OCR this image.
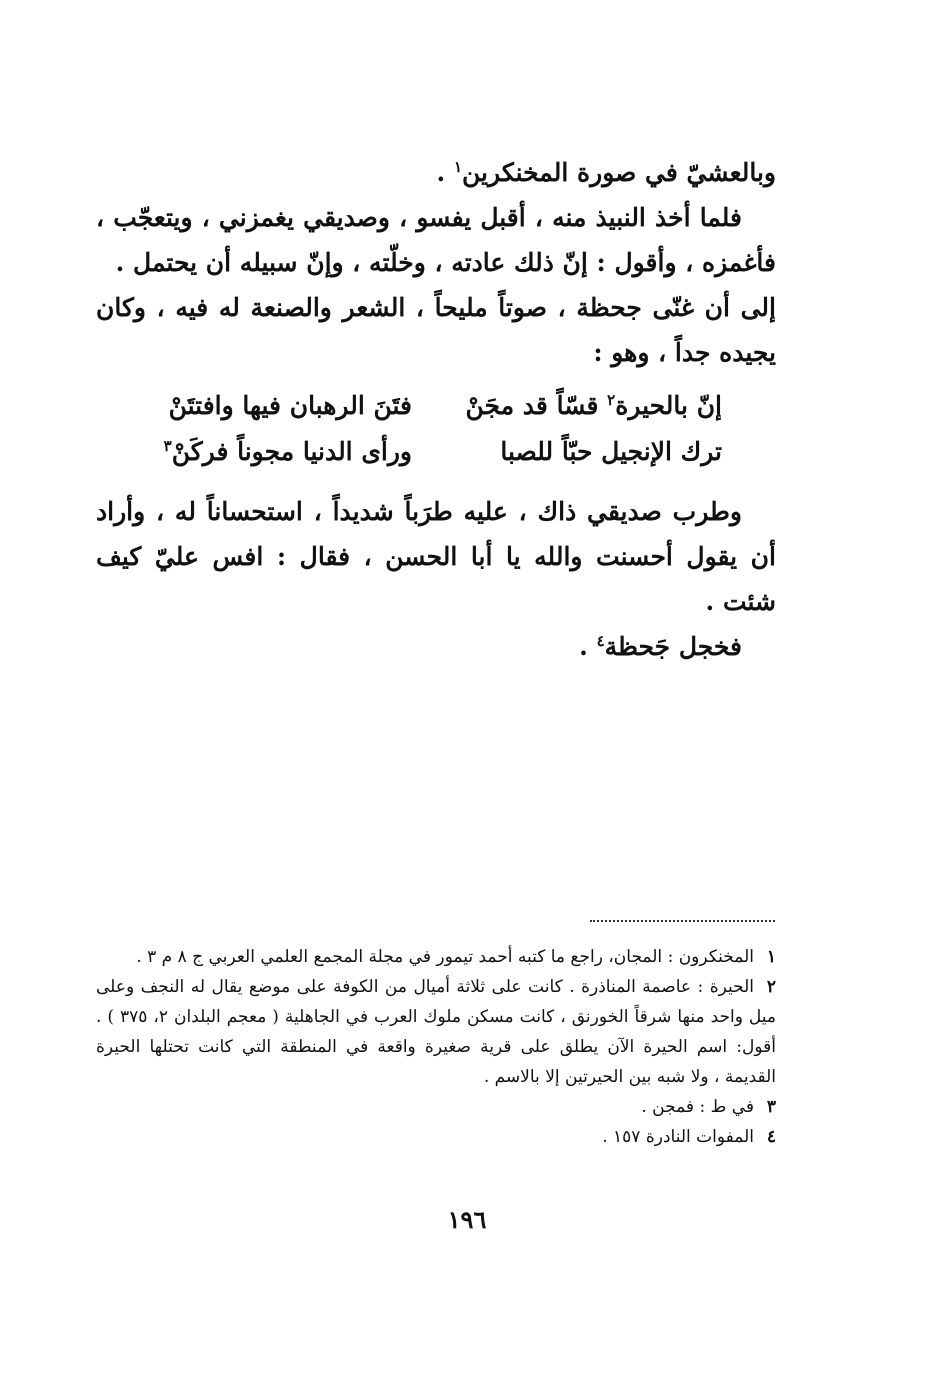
وبالعشيّ في صورة المخنكرين$^١$ .

فلما أخذ النبيذ منه ، أقبل يفسو ، وصديقي يغمزني ، ويتعجّب ، فأغمزه ، وأقول : إنّ ذلك عادته ، وخلّته ، وإنّ سبيله أن يحتمل .

إلى أن غنّى جحظة ، صوتاً مليحاً ، الشعر والصنعة له فيه ، وكان يجيده جداً ، وهو :

إنّ بالحيرة$^٢$ قسّاً قد مجَنْ
فتَنَ الرهبان فيها وافتتَنْ
ترك الإنجيل حبّاً للصبا
ورأى الدنيا مجوناً فركَنْ$^٣$

وطرب صديقي ذاك ، عليه طرَباً شديداً ، استحساناً له ، وأراد أن يقول أحسنت والله يا أبا الحسن ، فقال : افس عليّ كيف شئت .

فخجل جَحظة$^٤$ .

١المخنكرون : المجان، راجع ما كتبه أحمد تيمور في مجلة المجمع العلمي العربي ج ٨ م ٣ .

٢الحيرة : عاصمة المناذرة . كانت على ثلاثة أميال من الكوفة على موضع يقال له النجف وعلى ميل واحد منها شرقاً الخورنق ، كانت مسكن ملوك العرب في الجاهلية ( معجم البلدان ٢، ٣٧٥ ) . أقول: اسم الحيرة الآن يطلق على قرية صغيرة واقعة في المنطقة التي كانت تحتلها الحيرة القديمة ، ولا شبه بين الحيرتين إلا بالاسم .

٣في ط : فمجن .

٤المفوات النادرة ١٥٧ .

١٩٦
